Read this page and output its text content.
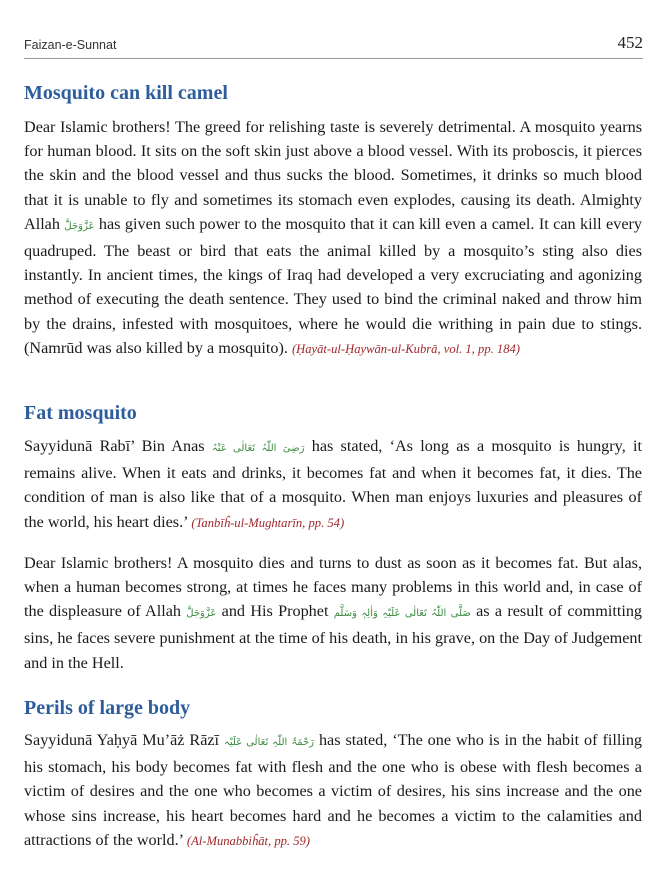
Faizan-e-Sunnat	452
Mosquito can kill camel

Dear Islamic brothers! The greed for relishing taste is severely detrimental. A mosquito yearns for human blood. It sits on the soft skin just above a blood vessel. With its proboscis, it pierces the skin and the blood vessel and thus sucks the blood. Sometimes, it drinks so much blood that it is unable to fly and sometimes its stomach even explodes, causing its death. Almighty Allah عَزَّوَجَلَّ has given such power to the mosquito that it can kill even a camel. It can kill every quadruped. The beast or bird that eats the animal killed by a mosquito’s sting also dies instantly. In ancient times, the kings of Iraq had developed a very excruciating and agonizing method of executing the death sentence. They used to bind the criminal naked and throw him by the drains, infested with mosquitoes, where he would die writhing in pain due to stings. (Namrūd was also killed by a mosquito). (Ḥayāt-ul-Ḥaywān-ul-Kubrā, vol. 1, pp. 184)

Fat mosquito

Sayyidunā Rabī’ Bin Anas رَضِیَ اللّٰہُ تَعَالٰی عَنْہُ has stated, ‘As long as a mosquito is hungry, it remains alive. When it eats and drinks, it becomes fat and when it becomes fat, it dies. The condition of man is also like that of a mosquito. When man enjoys luxuries and pleasures of the world, his heart dies.’ (Tanbīĥ-ul-Mughtarīn, pp. 54)

Dear Islamic brothers! A mosquito dies and turns to dust as soon as it becomes fat. But alas, when a human becomes strong, at times he faces many problems in this world and, in case of the displeasure of Allah عَزَّوَجَلَّ and His Prophet صَلَّی اللّٰہُ تَعَالٰی عَلَیْہِ وَاٰلِہٖ وَسَلَّم as a result of committing sins, he faces severe punishment at the time of his death, in his grave, on the Day of Judgement and in the Hell.

Perils of large body

Sayyidunā Yaḥyā Mu’āż Rāzī رَحْمَۃُ اللّٰہِ تَعَالٰی عَلَیْہ has stated, ‘The one who is in the habit of filling his stomach, his body becomes fat with flesh and the one who is obese with flesh becomes a victim of desires and the one who becomes a victim of desires, his sins increase and the one whose sins increase, his heart becomes hard and he becomes a victim to the calamities and attractions of the world.’ (Al-Munabbiĥāt, pp. 59)
